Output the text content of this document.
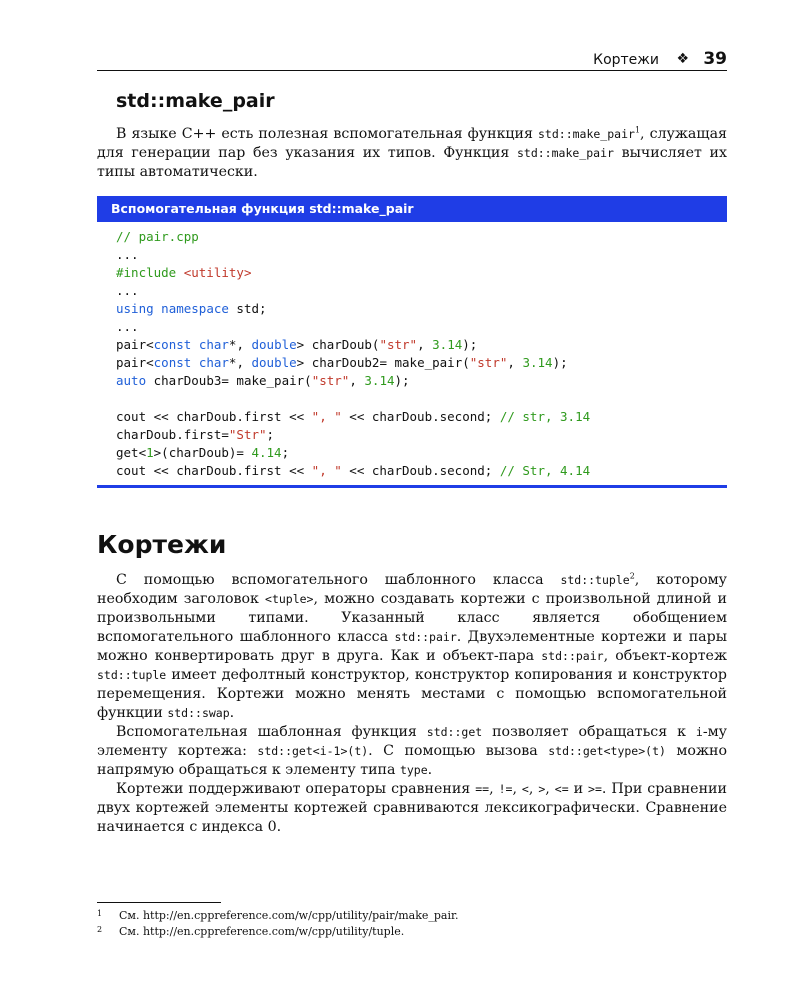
Кортежи ❖ 39
std::make_pair

В языке C++ есть полезная вспомогательная функция std::make_pair$^1$, служащая для генерации пар без указания их типов. Функция std::make_pair вычисляет их типы автоматически.

Вспомогательная функция std::make_pair
// pair.cpp
...
#include <utility>
...
using namespace std;
...
pair<const char*, double> charDoub("str", 3.14);
pair<const char*, double> charDoub2= make_pair("str", 3.14);
auto charDoub3= make_pair("str", 3.14);
cout << charDoub.first << ", " << charDoub.second; // str, 3.14
charDoub.first="Str";
get<1>(charDoub)= 4.14;
cout << charDoub.first << ", " << charDoub.second; // Str, 4.14
Кортежи

С помощью вспомогательного шаблонного класса std::tuple$^2$, которому необходим заголовок <tuple>, можно создавать кортежи с произвольной длиной и произвольными типами. Указанный класс является обобщением вспомогательного шаблонного класса std::pair. Двухэлементные кортежи и пары можно конвертировать друг в друга. Как и объект-пара std::pair, объект-кортеж std::tuple имеет дефолтный конструктор, конструктор копирования и конструктор перемещения. Кортежи можно менять местами с помощью вспомогательной функции std::swap.

Вспомогательная шаблонная функция std::get позволяет обращаться к i-му элементу кортежа: std::get<i-1>(t). С помощью вызова std::get<type>(t) можно напрямую обращаться к элементу типа type.

Кортежи поддерживают операторы сравнения ==, !=, <, >, <= и >=. При сравнении двух кортежей элементы кортежей сравниваются лексикографически. Сравнение начинается с индекса 0.

1 См. http://en.cppreference.com/w/cpp/utility/pair/make_pair.
2 См. http://en.cppreference.com/w/cpp/utility/tuple.
